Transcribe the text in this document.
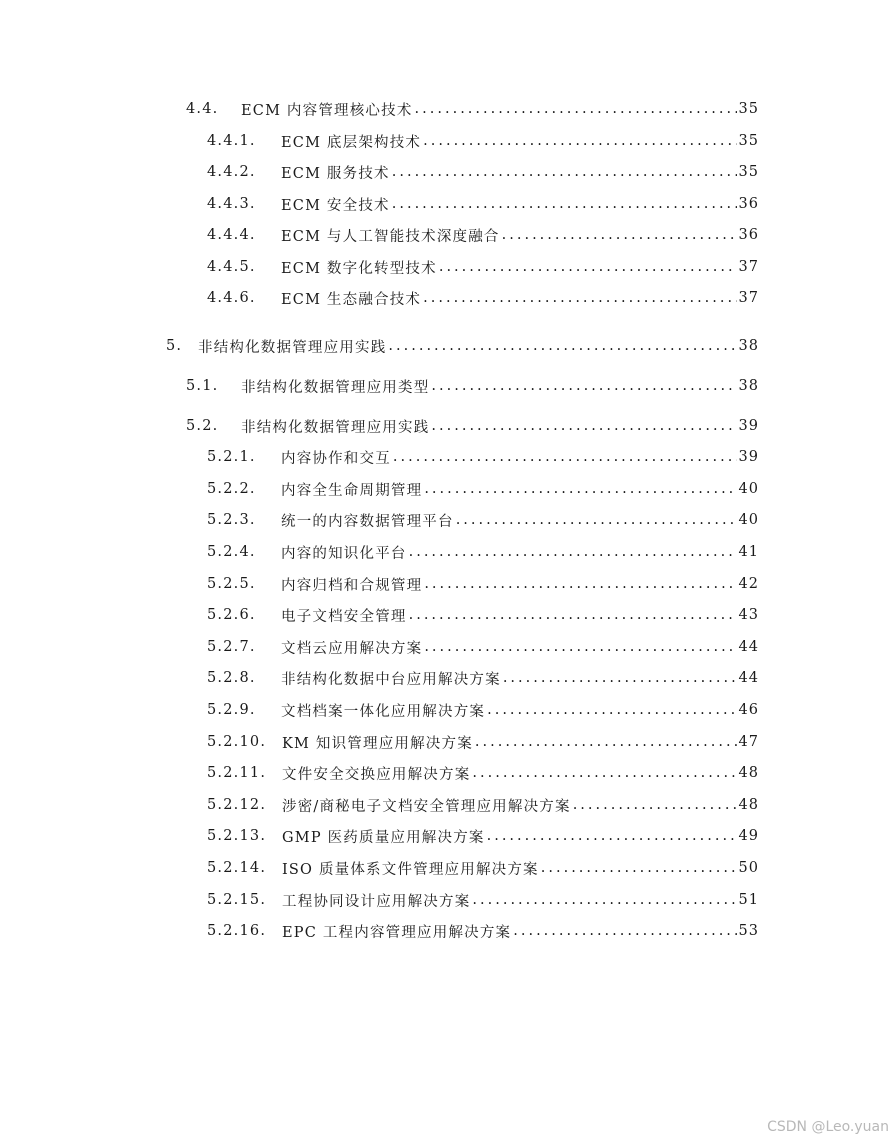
4.4.	ECM 内容管理核心技术 .....	35
4.4.1.	ECM 底层架构技术 .....	35
4.4.2.	ECM 服务技术 .....	35
4.4.3.	ECM 安全技术 .....	36
4.4.4.	ECM 与人工智能技术深度融合 .....	36
4.4.5.	ECM 数字化转型技术 .....	37
4.4.6.	ECM 生态融合技术 .....	37
5.	非结构化数据管理应用实践 .....	38
5.1.	非结构化数据管理应用类型 .....	38
5.2.	非结构化数据管理应用实践 .....	39
5.2.1.	内容协作和交互 .....	39
5.2.2.	内容全生命周期管理 .....	40
5.2.3.	统一的内容数据管理平台 .....	40
5.2.4.	内容的知识化平台 .....	41
5.2.5.	内容归档和合规管理 .....	42
5.2.6.	电子文档安全管理 .....	43
5.2.7.	文档云应用解决方案 .....	44
5.2.8.	非结构化数据中台应用解决方案 .....	44
5.2.9.	文档档案一体化应用解决方案 .....	46
5.2.10.	KM 知识管理应用解决方案 .....	47
5.2.11.	文件安全交换应用解决方案 .....	48
5.2.12.	涉密/商秘电子文档安全管理应用解决方案 .....	48
5.2.13.	GMP 医药质量应用解决方案 .....	49
5.2.14.	ISO 质量体系文件管理应用解决方案 .....	50
5.2.15.	工程协同设计应用解决方案 .....	51
5.2.16.	EPC 工程内容管理应用解决方案 .....	53
CSDN @Leo.yuan
